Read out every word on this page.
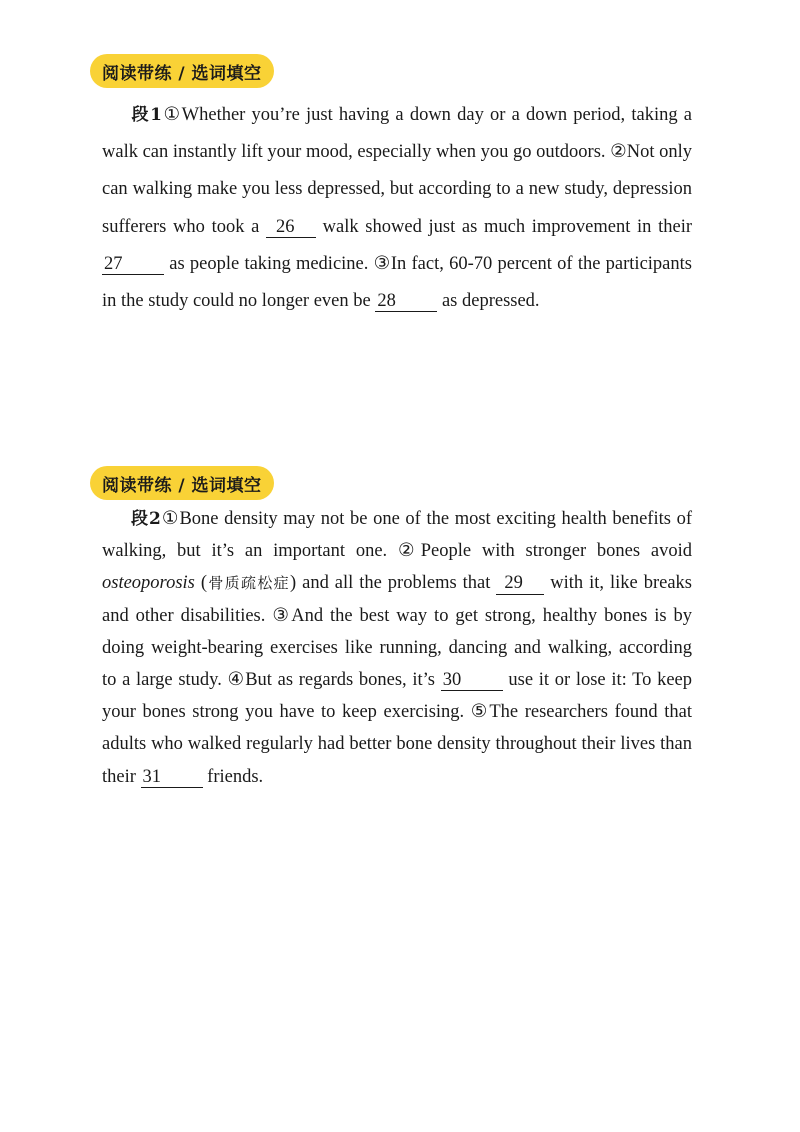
阅读带练 / 选词填空

段1①Whether you’re just having a down day or a down period, taking a walk can instantly lift your mood, especially when you go outdoors. ②Not only can walking make you less depressed, but according to a new study, depression sufferers who took a 26 walk showed just as much improvement in their 27 as people taking medicine. ③In fact, 60-70 percent of the participants in the study could no longer even be 28 as depressed.

阅读带练 / 选词填空

段2①Bone density may not be one of the most exciting health benefits of walking, but it’s an important one. ②People with stronger bones avoid osteoporosis (骨质疏松症) and all the problems that 29 with it, like breaks and other disabilities. ③And the best way to get strong, healthy bones is by doing weight-bearing exercises like running, dancing and walking, according to a large study. ④But as regards bones, it’s 30 use it or lose it: To keep your bones strong you have to keep exercising. ⑤The researchers found that adults who walked regularly had better bone density throughout their lives than their 31 friends.
